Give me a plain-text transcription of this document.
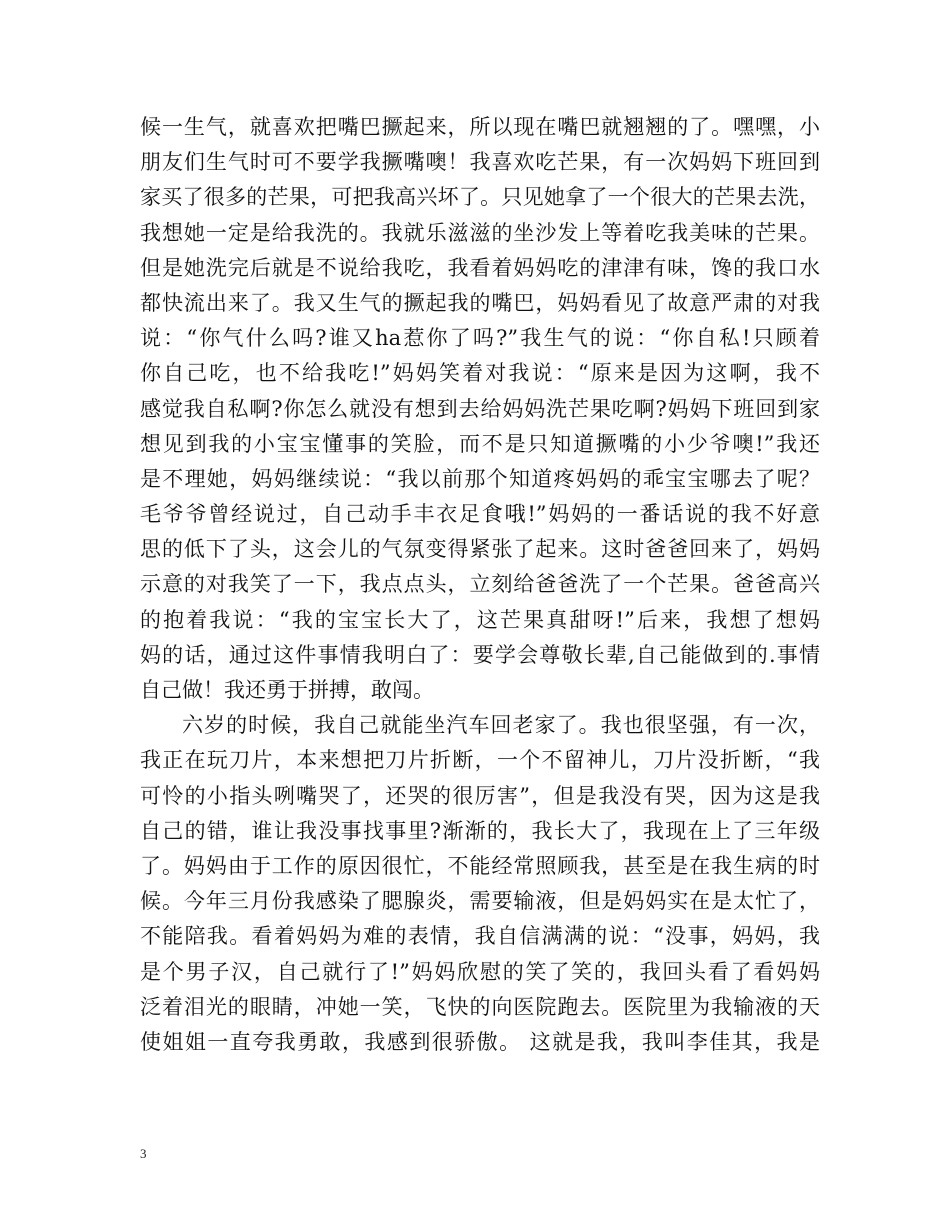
候一生气，就喜欢把嘴巴撅起来，所以现在嘴巴就翘翘的了。嘿嘿，小
朋友们生气时可不要学我撅嘴噢！我喜欢吃芒果，有一次妈妈下班回到
家买了很多的芒果，可把我高兴坏了。只见她拿了一个很大的芒果去洗，
我想她一定是给我洗的。我就乐滋滋的坐沙发上等着吃我美味的芒果。
但是她洗完后就是不说给我吃，我看着妈妈吃的津津有味，馋的我口水
都快流出来了。我又生气的撅起我的嘴巴，妈妈看见了故意严肃的对我
说：“你气什么吗?谁又ha惹你了吗?”我生气的说：“你自私!只顾着
你自己吃，也不给我吃!”妈妈笑着对我说：“原来是因为这啊，我不
感觉我自私啊?你怎么就没有想到去给妈妈洗芒果吃啊?妈妈下班回到家
想见到我的小宝宝懂事的笑脸，而不是只知道撅嘴的小少爷噢!”我还
是不理她，妈妈继续说：“我以前那个知道疼妈妈的乖宝宝哪去了呢？
毛爷爷曾经说过，自己动手丰衣足食哦!”妈妈的一番话说的我不好意
思的低下了头，这会儿的气氛变得紧张了起来。这时爸爸回来了，妈妈
示意的对我笑了一下，我点点头，立刻给爸爸洗了一个芒果。爸爸高兴
的抱着我说：“我的宝宝长大了，这芒果真甜呀!”后来，我想了想妈
妈的话，通过这件事情我明白了：要学会尊敬长辈,自己能做到的.事情
自己做！我还勇于拼搏，敢闯。
六岁的时候，我自己就能坐汽车回老家了。我也很坚强，有一次，
我正在玩刀片，本来想把刀片折断，一个不留神儿，刀片没折断，“我
可怜的小指头咧嘴哭了，还哭的很厉害”，但是我没有哭，因为这是我
自己的错，谁让我没事找事里?渐渐的，我长大了，我现在上了三年级
了。妈妈由于工作的原因很忙，不能经常照顾我，甚至是在我生病的时
候。今年三月份我感染了腮腺炎，需要输液，但是妈妈实在是太忙了，
不能陪我。看着妈妈为难的表情，我自信满满的说：“没事，妈妈，我
是个男子汉，自己就行了!”妈妈欣慰的笑了笑的，我回头看了看妈妈
泛着泪光的眼睛，冲她一笑，飞快的向医院跑去。医院里为我输液的天
使姐姐一直夸我勇敢，我感到很骄傲。 这就是我，我叫李佳其，我是
3
